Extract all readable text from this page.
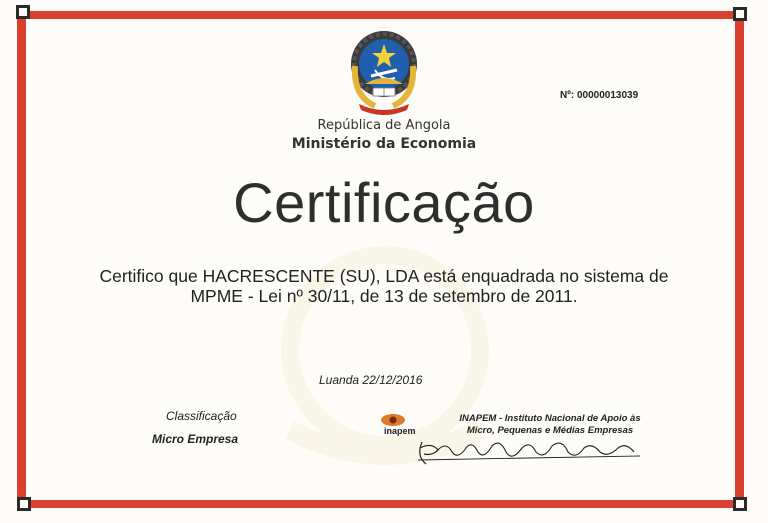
Nº: 00000013039
República de Angola
Ministério da Economia
Certificação
Certifico que HACRESCENTE (SU), LDA está enquadrada no sistema de
MPME - Lei nº 30/11, de 13 de setembro de 2011.
Luanda 22/12/2016
Classificação
Micro Empresa
inapem
INAPEM - Instituto Nacional de Apoio às
Micro, Pequenas e Médias Empresas
